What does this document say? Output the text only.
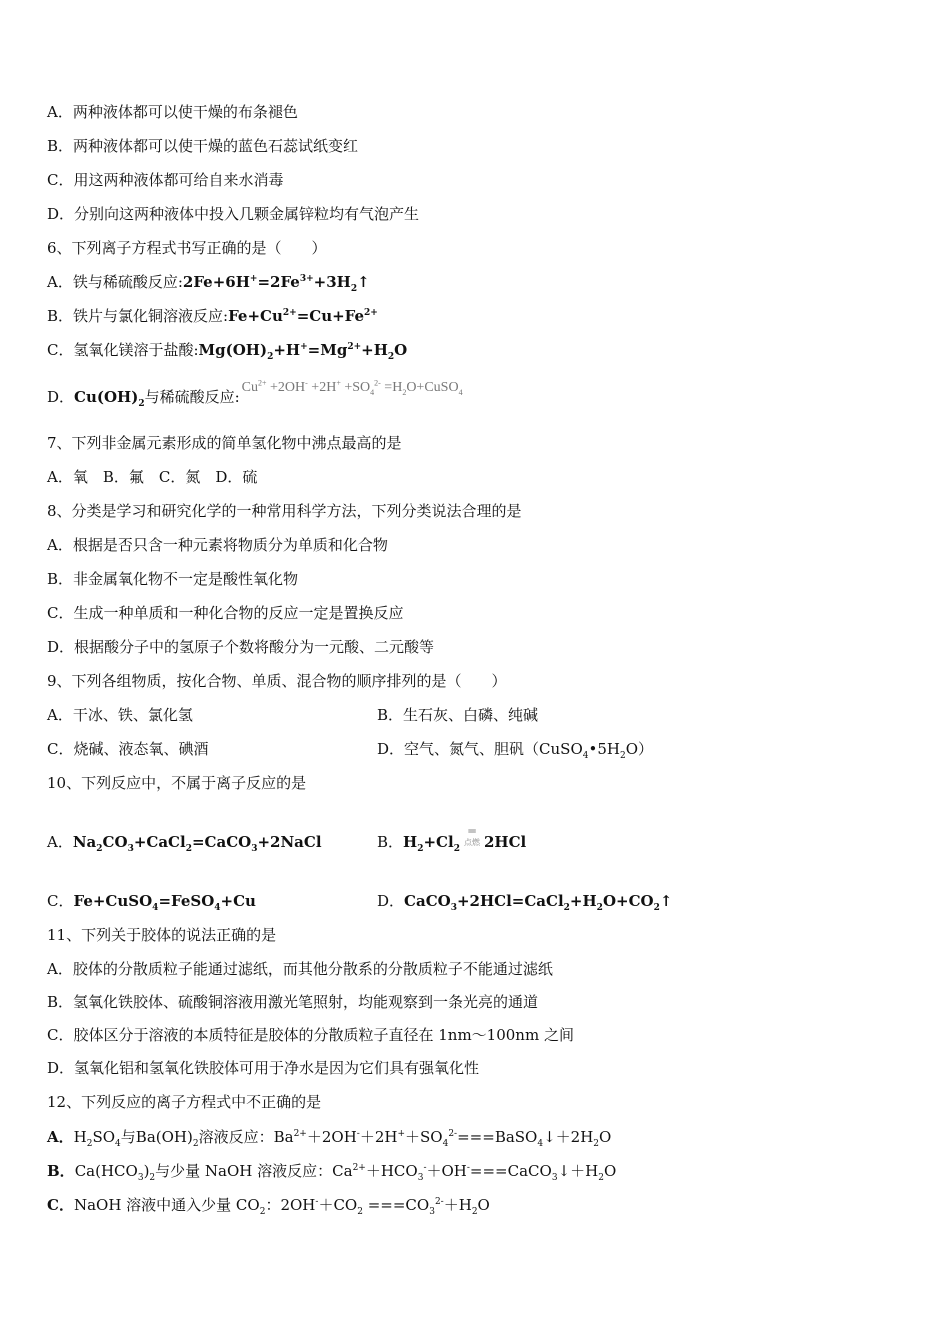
A．两种液体都可以使干燥的布条褪色
B．两种液体都可以使干燥的蓝色石蕊试纸变红
C．用这两种液体都可给自来水消毒
D．分别向这两种液体中投入几颗金属锌粒均有气泡产生
6、下列离子方程式书写正确的是（　　）
A．铁与稀硫酸反应$:2Fe+6H^+=2Fe^{3+}+3H_2↑$
B．铁片与氯化铜溶液反应$:Fe+Cu^{2+}=Cu+Fe^{2+}$
C．氢氧化镁溶于盐酸$:Mg(OH)_2+H^+=Mg^{2+}+H_2O$
D．$Cu(OH)_2$与稀硫酸反应$:Cu^{2+} +2OH^- +2H^+ +SO_4^{2-}$ $=H_2O+CuSO_4$
7、下列非金属元素形成的简单氢化物中沸点最高的是
A．氧　B．氟　C．氮　D．硫
8、分类是学习和研究化学的一种常用科学方法，下列分类说法合理的是
A．根据是否只含一种元素将物质分为单质和化合物
B．非金属氧化物不一定是酸性氧化物
C．生成一种单质和一种化合物的反应一定是置换反应
D．根据酸分子中的氢原子个数将酸分为一元酸、二元酸等
9、下列各组物质，按化合物、单质、混合物的顺序排列的是（　　）
A．干冰、铁、氯化氢	B．生石灰、白磷、纯碱
C．烧碱、液态氧、碘酒	D．空气、氮气、胆矾$(CuSO_4•5H_2O)$
10、下列反应中，不属于离子反应的是
A．$Na_2CO_3+CaCl_2=CaCO_3+2NaCl$	B．$H_2+Cl_2═$
点燃 2HCl
C．Fe+CuSO$_4$=FeSO$_4$+Cu	D．$CaCO_3+2HCl=CaCl_2+H_2O+CO_2↑$
11、下列关于胶体的说法正确的是
A．胶体的分散质粒子能通过滤纸，而其他分散系的分散质粒子不能通过滤纸
B．氢氧化铁胶体、硫酸铜溶液用激光笔照射，均能观察到一条光亮的通道
C．胶体区分于溶液的本质特征是胶体的分散质粒子直径在 1nm～100nm 之间
D．氢氧化铝和氢氧化铁胶体可用于净水是因为它们具有强氧化性
12、下列反应的离子方程式中不正确的是
A．$H_2SO_4$与$Ba(OH)_2$溶液反应：$Ba^{2+}+2OH^-+2H^++SO_4^{2-}===BaSO_4↓+2H_2O$
B．$Ca(HCO_3)_2$与少量 NaOH 溶液反应：$Ca^{2+}+HCO_3^-+OH^-===CaCO_3↓+H_2O$
C．NaOH 溶液中通入少量 $CO_2$：$2OH^-+CO_2 ===CO_3^{2-}+H_2O$
